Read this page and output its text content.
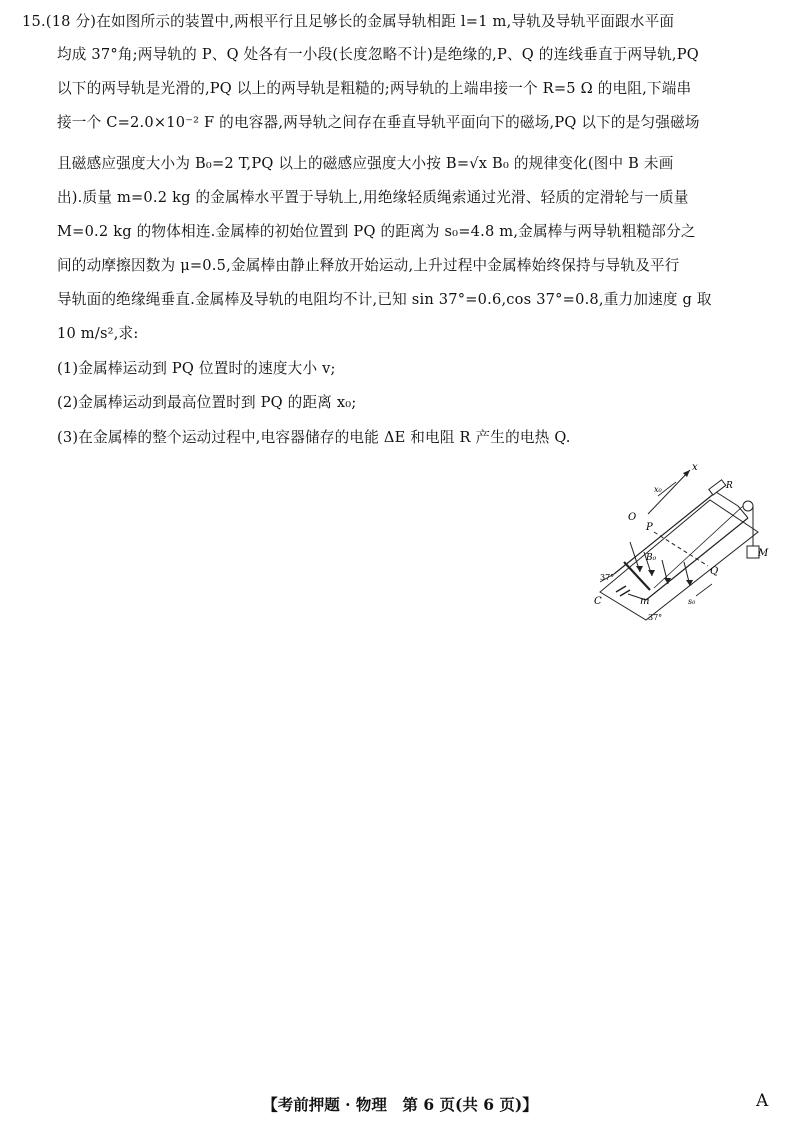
15.(18 分)在如图所示的装置中,两根平行且足够长的金属导轨相距 l=1 m,导轨及导轨平面跟水平面
均成 37°角;两导轨的 P、Q 处各有一小段(长度忽略不计)是绝缘的,P、Q 的连线垂直于两导轨,PQ
以下的两导轨是光滑的,PQ 以上的两导轨是粗糙的;两导轨的上端串接一个 R=5 Ω 的电阻,下端串
接一个 C=2.0×10⁻² F 的电容器,两导轨之间存在垂直导轨平面向下的磁场,PQ 以下的是匀强磁场
且磁感应强度大小为 B₀=2 T,PQ 以上的磁感应强度大小按 B=√x B₀ 的规律变化(图中 B 未画
出).质量 m=0.2 kg 的金属棒水平置于导轨上,用绝缘轻质绳索通过光滑、轻质的定滑轮与一质量
M=0.2 kg 的物体相连.金属棒的初始位置到 PQ 的距离为 s₀=4.8 m,金属棒与两导轨粗糙部分之
间的动摩擦因数为 μ=0.5,金属棒由静止释放开始运动,上升过程中金属棒始终保持与导轨及平行
导轨面的绝缘绳垂直.金属棒及导轨的电阻均不计,已知 sin 37°=0.6,cos 37°=0.8,重力加速度 g 取
10 m/s²,求:
(1)金属棒运动到 PQ 位置时的速度大小 v;
(2)金属棒运动到最高位置时到 PQ 的距离 x₀;
(3)在金属棒的整个运动过程中,电容器储存的电能 ΔE 和电阻 R 产生的电热 Q.
x
x₀	R
O
P
B₀
Q
M
C	m	s₀
37°
37°
【考前押题 · 物理　第 6 页(共 6 页)】	A
